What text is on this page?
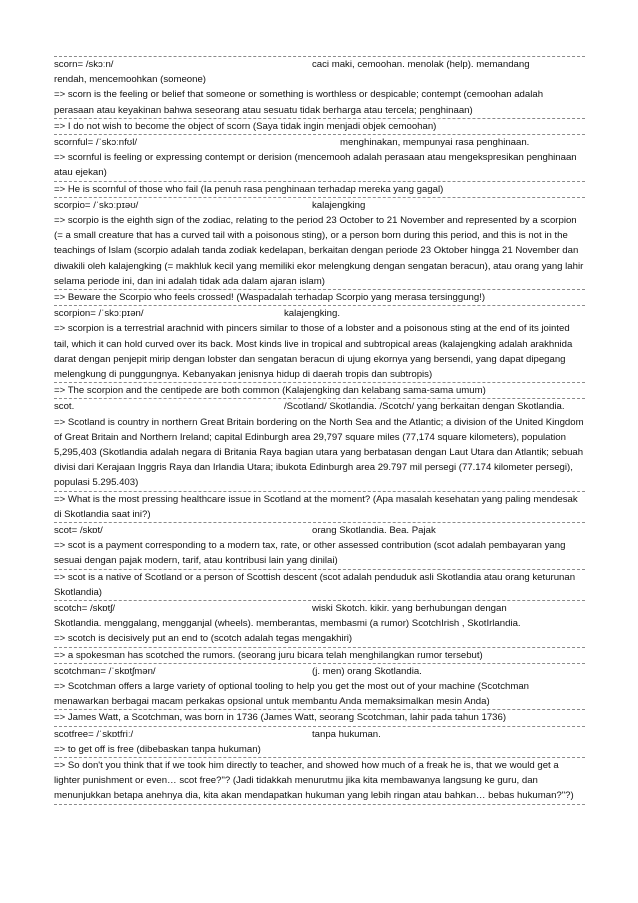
scorn= /skɔːn/	caci maki, cemoohan. menolak (help). memandang
rendah, mencemoohkan (someone)
=> scorn is the feeling or belief that someone or something is worthless or despicable; contempt (cemoohan adalah perasaan atau keyakinan bahwa seseorang atau sesuatu tidak berharga atau tercela; penghinaan)
=> I do not wish to become the object of scorn (Saya tidak ingin menjadi objek cemoohan)
scornful= /ˈskɔːnfʊl/	menghinakan, mempunyai rasa penghinaan.
=> scornful is feeling or expressing contempt or derision (mencemooh adalah perasaan atau mengekspresikan penghinaan atau ejekan)
=> He is scornful of those who fail (Ia penuh rasa penghinaan terhadap mereka yang gagal)
scorpio= /ˈskɔːpɪəʊ/	kalajengking
=> scorpio is the eighth sign of the zodiac, relating to the period 23 October to 21 November and represented by a scorpion (= a small creature that has a curved tail with a poisonous sting), or a person born during this period, and this is not in the teachings of Islam (scorpio adalah tanda zodiak kedelapan, berkaitan dengan periode 23 Oktober hingga 21 November dan diwakili oleh kalajengking (= makhluk kecil yang memiliki ekor melengkung dengan sengatan beracun), atau orang yang lahir selama periode ini, dan ini adalah tidak ada dalam ajaran islam)
=> Beware the Scorpio who feels crossed! (Waspadalah terhadap Scorpio yang merasa tersinggung!)
scorpion= /ˈskɔːpɪən/	kalajengking.
=> scorpion is a terrestrial arachnid with pincers similar to those of a lobster and a poisonous sting at the end of its jointed tail, which it can hold curved over its back. Most kinds live in tropical and subtropical areas (kalajengking adalah arakhnida darat dengan penjepit mirip dengan lobster dan sengatan beracun di ujung ekornya yang bersendi, yang dapat dipegang melengkung di punggungnya. Kebanyakan jenisnya hidup di daerah tropis dan subtropis)
=> The scorpion and the centipede are both common (Kalajengking dan kelabang sama-sama umum)
scot.	/Scotland/ Skotlandia. /Scotch/ yang berkaitan dengan Skotlandia.
=> Scotland is country in northern Great Britain bordering on the North Sea and the Atlantic; a division of the United Kingdom of Great Britain and Northern Ireland; capital Edinburgh area 29,797 square miles (77,174 square kilometers), population 5,295,403 (Skotlandia adalah negara di Britania Raya bagian utara yang berbatasan dengan Laut Utara dan Atlantik; sebuah divisi dari Kerajaan Inggris Raya dan Irlandia Utara; ibukota Edinburgh area 29.797 mil persegi (77.174 kilometer persegi), populasi 5.295.403)
=> What is the most pressing healthcare issue in Scotland at the moment? (Apa masalah kesehatan yang paling mendesak di Skotlandia saat ini?)
scot= /skɒt/	orang Skotlandia. Bea. Pajak
=> scot is a payment corresponding to a modern tax, rate, or other assessed contribution (scot adalah pembayaran yang sesuai dengan pajak modern, tarif, atau kontribusi lain yang dinilai)
=> scot is a native of Scotland or a person of Scottish descent (scot adalah penduduk asli Skotlandia atau orang keturunan Skotlandia)
scotch= /skɒtʃ/	wiski Skotch. kikir. yang berhubungan dengan
Skotlandia. menggalang, mengganjal (wheels). memberantas, membasmi (a rumor) ScotchIrish , SkotIrlandia.
=> scotch is decisively put an end to (scotch adalah tegas mengakhiri)
=> a spokesman has scotched the rumors. (seorang juru bicara telah menghilangkan rumor tersebut)
scotchman= /ˈskɒtʃmən/	(j. men) orang Skotlandia.
=> Scotchman offers a large variety of optional tooling to help you get the most out of your machine (Scotchman menawarkan berbagai macam perkakas opsional untuk membantu Anda memaksimalkan mesin Anda)
=> James Watt, a Scotchman, was born in 1736 (James Watt, seorang Scotchman, lahir pada tahun 1736)
scotfree= /ˈskɒtfriː/	tanpa hukuman.
=> to get off is free (dibebaskan tanpa hukuman)
=> So don't you think that if we took him directly to teacher, and showed how much of a freak he is, that we would get a lighter punishment or even… scot free?"? (Jadi tidakkah menurutmu jika kita membawanya langsung ke guru, dan menunjukkan betapa anehnya dia, kita akan mendapatkan hukuman yang lebih ringan atau bahkan… bebas hukuman?"?)
